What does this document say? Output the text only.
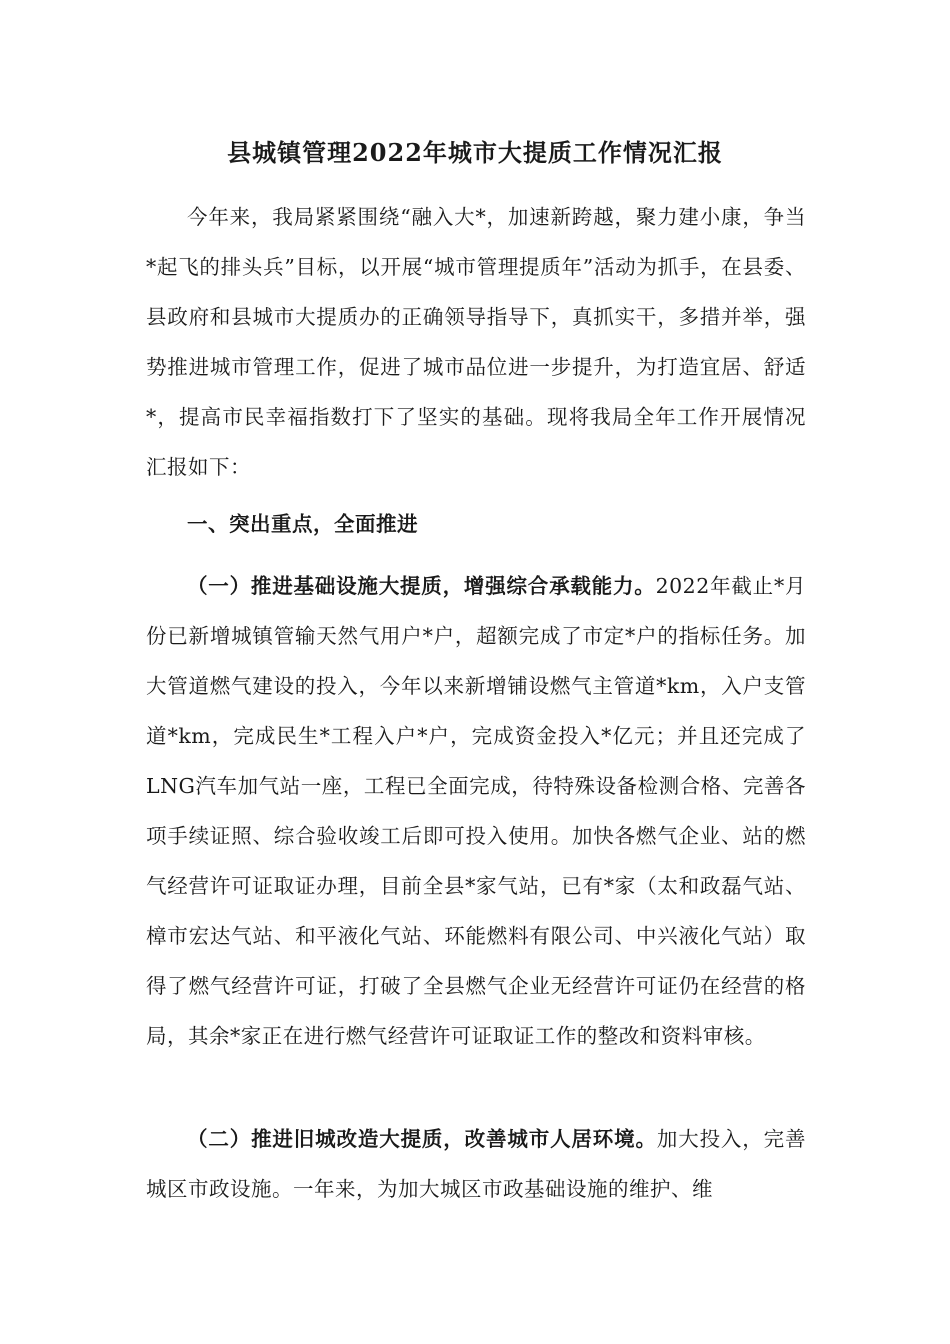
县城镇管理2022年城市大提质工作情况汇报

今年来，我局紧紧围绕“融入大*，加速新跨越，聚力建小康，争当*起飞的排头兵”目标，以开展“城市管理提质年”活动为抓手，在县委、县政府和县城市大提质办的正确领导指导下，真抓实干，多措并举，强势推进城市管理工作，促进了城市品位进一步提升，为打造宜居、舒适*，提高市民幸福指数打下了坚实的基础。现将我局全年工作开展情况汇报如下：

一、突出重点，全面推进

（一）推进基础设施大提质，增强综合承载能力。2022年截止*月份已新增城镇管输天然气用户*户，超额完成了市定*户的指标任务。加大管道燃气建设的投入，今年以来新增铺设燃气主管道*km，入户支管道*km，完成民生*工程入户*户，完成资金投入*亿元；并且还完成了LNG汽车加气站一座，工程已全面完成，待特殊设备检测合格、完善各项手续证照、综合验收竣工后即可投入使用。加快各燃气企业、站的燃气经营许可证取证办理，目前全县*家气站，已有*家（太和政磊气站、樟市宏达气站、和平液化气站、环能燃料有限公司、中兴液化气站）取得了燃气经营许可证，打破了全县燃气企业无经营许可证仍在经营的格局，其余*家正在进行燃气经营许可证取证工作的整改和资料审核。

（二）推进旧城改造大提质，改善城市人居环境。加大投入，完善城区市政设施。一年来，为加大城区市政基础设施的维护、维
